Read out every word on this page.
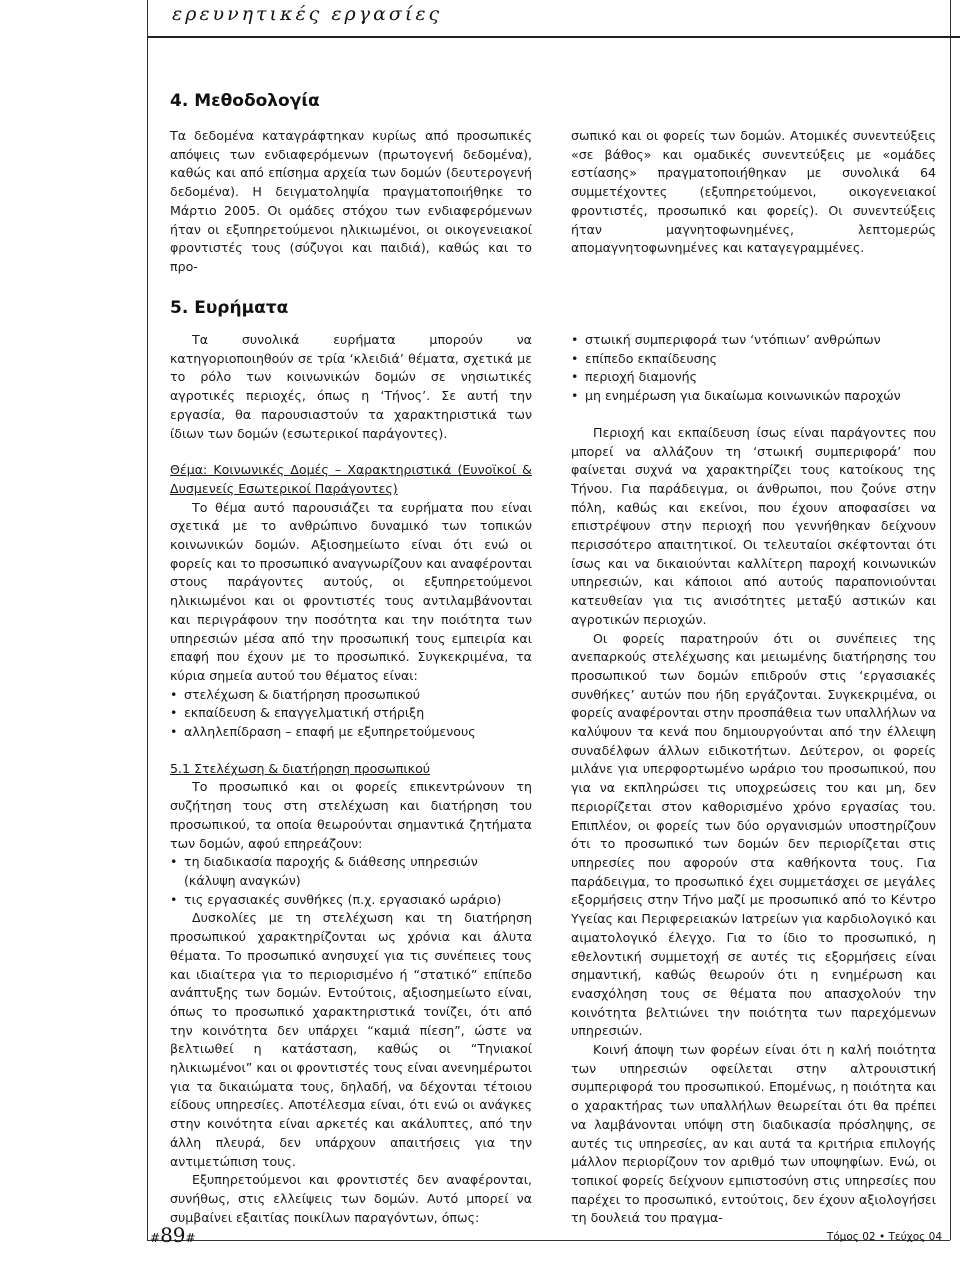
ερευνητικές εργασίες
4. Μεθοδολογία

Τα δεδομένα καταγράφτηκαν κυρίως από προσωπικές απόψεις των ενδιαφερόμενων (πρωτογενή δεδομένα), καθώς και από επίσημα αρχεία των δομών (δευτερογενή δεδομένα). Η δειγματοληψία πραγματοποιήθηκε το Μάρτιο 2005. Οι ομάδες στόχου των ενδιαφερόμενων ήταν οι εξυπηρετούμενοι ηλικιωμένοι, οι οικογενειακοί φροντιστές τους (σύζυγοι και παιδιά), καθώς και το προ-

σωπικό και οι φορείς των δομών. Ατομικές συνεντεύξεις «σε βάθος» και ομαδικές συνεντεύξεις με «ομάδες εστίασης» πραγματοποιήθηκαν με συνολικά 64 συμμετέχοντες (εξυπηρετούμενοι, οικογενειακοί φροντιστές, προσωπικό και φορείς). Οι συνεντεύξεις ήταν μαγνητοφωνημένες, λεπτομερώς απομαγνητοφωνημένες και καταγεγραμμένες.

5. Ευρήματα

Τα συνολικά ευρήματα μπορούν να κατηγοριοποιηθούν σε τρία ‘κλειδιά’ θέματα, σχετικά με το ρόλο των κοινωνικών δομών σε νησιωτικές αγροτικές περιοχές, όπως η ‘Τήνος’. Σε αυτή την εργασία, θα παρουσιαστούν τα χαρακτηριστικά των ίδιων των δομών (εσωτερικοί παράγοντες).

Θέμα: Κοινωνικές Δομές – Χαρακτηριστικά (Ευνοϊκοί & Δυσμενείς Εσωτερικοί Παράγοντες)

Το θέμα αυτό παρουσιάζει τα ευρήματα που είναι σχετικά με το ανθρώπινο δυναμικό των τοπικών κοινωνικών δομών. Αξιοσημείωτο είναι ότι ενώ οι φορείς και το προσωπικό αναγνωρίζουν και αναφέρονται στους παράγοντες αυτούς, οι εξυπηρετούμενοι ηλικιωμένοι και οι φροντιστές τους αντιλαμβάνονται και περιγράφουν την ποσότητα και την ποιότητα των υπηρεσιών μέσα από την προσωπική τους εμπειρία και επαφή που έχουν με το προσωπικό. Συγκεκριμένα, τα κύρια σημεία αυτού του θέματος είναι:

• στελέχωση & διατήρηση προσωπικού
• εκπαίδευση & επαγγελματική στήριξη
• αλληλεπίδραση – επαφή με εξυπηρετούμενους

5.1 Στελέχωση & διατήρηση προσωπικού

Το προσωπικό και οι φορείς επικεντρώνουν τη συζήτηση τους στη στελέχωση και διατήρηση του προσωπικού, τα οποία θεωρούνται σημαντικά ζητήματα των δομών, αφού επηρεάζουν:

• τη διαδικασία παροχής & διάθεσης υπηρεσιών (κάλυψη αναγκών)
• τις εργασιακές συνθήκες (π.χ. εργασιακό ωράριο)

Δυσκολίες με τη στελέχωση και τη διατήρηση προσωπικού χαρακτηρίζονται ως χρόνια και άλυτα θέματα. Το προσωπικό ανησυχεί για τις συνέπειες τους και ιδιαίτερα για το περιορισμένο ή “στατικό” επίπεδο ανάπτυξης των δομών. Εντούτοις, αξιοσημείωτο είναι, όπως το προσωπικό χαρακτηριστικά τονίζει, ότι από την κοινότητα δεν υπάρχει “καμιά πίεση”, ώστε να βελτιωθεί η κατάσταση, καθώς οι “Τηνιακοί ηλικιωμένοι” και οι φροντιστές τους είναι ανενημέρωτοι για τα δικαιώματα τους, δηλαδή, να δέχονται τέτοιου είδους υπηρεσίες. Αποτέλεσμα είναι, ότι ενώ οι ανάγκες στην κοινότητα είναι αρκετές και ακάλυπτες, από την άλλη πλευρά, δεν υπάρχουν απαιτήσεις για την αντιμετώπιση τους.

Εξυπηρετούμενοι και φροντιστές δεν αναφέρονται, συνήθως, στις ελλείψεις των δομών. Αυτό μπορεί να συμβαίνει εξαιτίας ποικίλων παραγόντων, όπως:

• στωική συμπεριφορά των ‘ντόπιων’ ανθρώπων
• επίπεδο εκπαίδευσης
• περιοχή διαμονής
• μη ενημέρωση για δικαίωμα κοινωνικών παροχών

Περιοχή και εκπαίδευση ίσως είναι παράγοντες που μπορεί να αλλάζουν τη ‘στωική συμπεριφορά’ που φαίνεται συχνά να χαρακτηρίζει τους κατοίκους της Τήνου. Για παράδειγμα, οι άνθρωποι, που ζούνε στην πόλη, καθώς και εκείνοι, που έχουν αποφασίσει να επιστρέψουν στην περιοχή που γεννήθηκαν δείχνουν περισσότερο απαιτητικοί. Οι τελευταίοι σκέφτονται ότι ίσως και να δικαιούνται καλλίτερη παροχή κοινωνικών υπηρεσιών, και κάποιοι από αυτούς παραπονιούνται κατευθείαν για τις ανισότητες μεταξύ αστικών και αγροτικών περιοχών.

Οι φορείς παρατηρούν ότι οι συνέπειες της ανεπαρκούς στελέχωσης και μειωμένης διατήρησης του προσωπικού των δομών επιδρούν στις ‘εργασιακές συνθήκες’ αυτών που ήδη εργάζονται. Συγκεκριμένα, οι φορείς αναφέρονται στην προσπάθεια των υπαλλήλων να καλύψουν τα κενά που δημιουργούνται από την έλλειψη συναδέλφων άλλων ειδικοτήτων. Δεύτερον, οι φορείς μιλάνε για υπερφορτωμένο ωράριο του προσωπικού, που για να εκπληρώσει τις υποχρεώσεις του και μη, δεν περιορίζεται στον καθορισμένο χρόνο εργασίας του. Επιπλέον, οι φορείς των δύο οργανισμών υποστηρίζουν ότι το προσωπικό των δομών δεν περιορίζεται στις υπηρεσίες που αφορούν στα καθήκοντα τους. Για παράδειγμα, το προσωπικό έχει συμμετάσχει σε μεγάλες εξορμήσεις στην Τήνο μαζί με προσωπικό από το Κέντρο Υγείας και Περιφερειακών Ιατρείων για καρδιολογικό και αιματολογικό έλεγχο. Για το ίδιο το προσωπικό, η εθελοντική συμμετοχή σε αυτές τις εξορμήσεις είναι σημαντική, καθώς θεωρούν ότι η ενημέρωση και ενασχόληση τους σε θέματα που απασχολούν την κοινότητα βελτιώνει την ποιότητα των παρεχόμενων υπηρεσιών.

Κοινή άποψη των φορέων είναι ότι η καλή ποιότητα των υπηρεσιών οφείλεται στην αλτρουιστική συμπεριφορά του προσωπικού. Επομένως, η ποιότητα και ο χαρακτήρας των υπαλλήλων θεωρείται ότι θα πρέπει να λαμβάνονται υπόψη στη διαδικασία πρόσληψης, σε αυτές τις υπηρεσίες, αν και αυτά τα κριτήρια επιλογής μάλλον περιορίζουν τον αριθμό των υποψηφίων. Ενώ, οι τοπικοί φορείς δείχνουν εμπιστοσύνη στις υπηρεσίες που παρέχει το προσωπικό, εντούτοις, δεν έχουν αξιολογήσει τη δουλειά του πραγμα-

#89#	Τόμος 02 • Τεύχος 04
